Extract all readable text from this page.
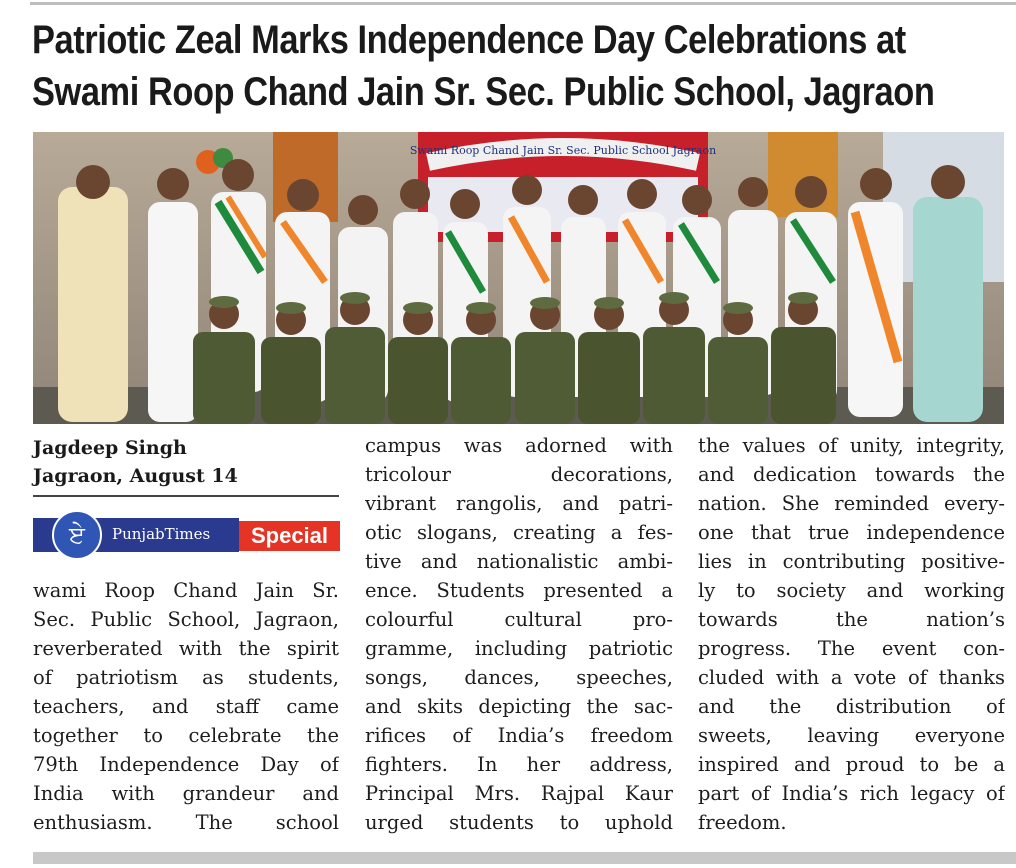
Patriotic Zeal Marks Independence Day Celebrations at
Swami Roop Chand Jain Sr. Sec. Public School, Jagraon
Swami Roop Chand Jain Sr. Sec. Public School Jagraon
Jagdeep Singh
Jagraon, August 14
ਏ	PunjabTimes	Special
wami Roop Chand Jain Sr.
Sec. Public School, Jagraon,
reverberated with the spirit
of patriotism as students,
teachers, and staff came
together to celebrate the
79th Independence Day of
India with grandeur and
enthusiasm. The school
campus was adorned with
tricolour decorations,
vibrant rangolis, and patri-
otic slogans, creating a fes-
tive and nationalistic ambi-
ence. Students presented a
colourful cultural pro-
gramme, including patriotic
songs, dances, speeches,
and skits depicting the sac-
rifices of India’s freedom
fighters. In her address,
Principal Mrs. Rajpal Kaur
urged students to uphold
the values of unity, integrity,
and dedication towards the
nation. She reminded every-
one that true independence
lies in contributing positive-
ly to society and working
towards the nation’s
progress. The event con-
cluded with a vote of thanks
and the distribution of
sweets, leaving everyone
inspired and proud to be a
part of India’s rich legacy of
freedom.
